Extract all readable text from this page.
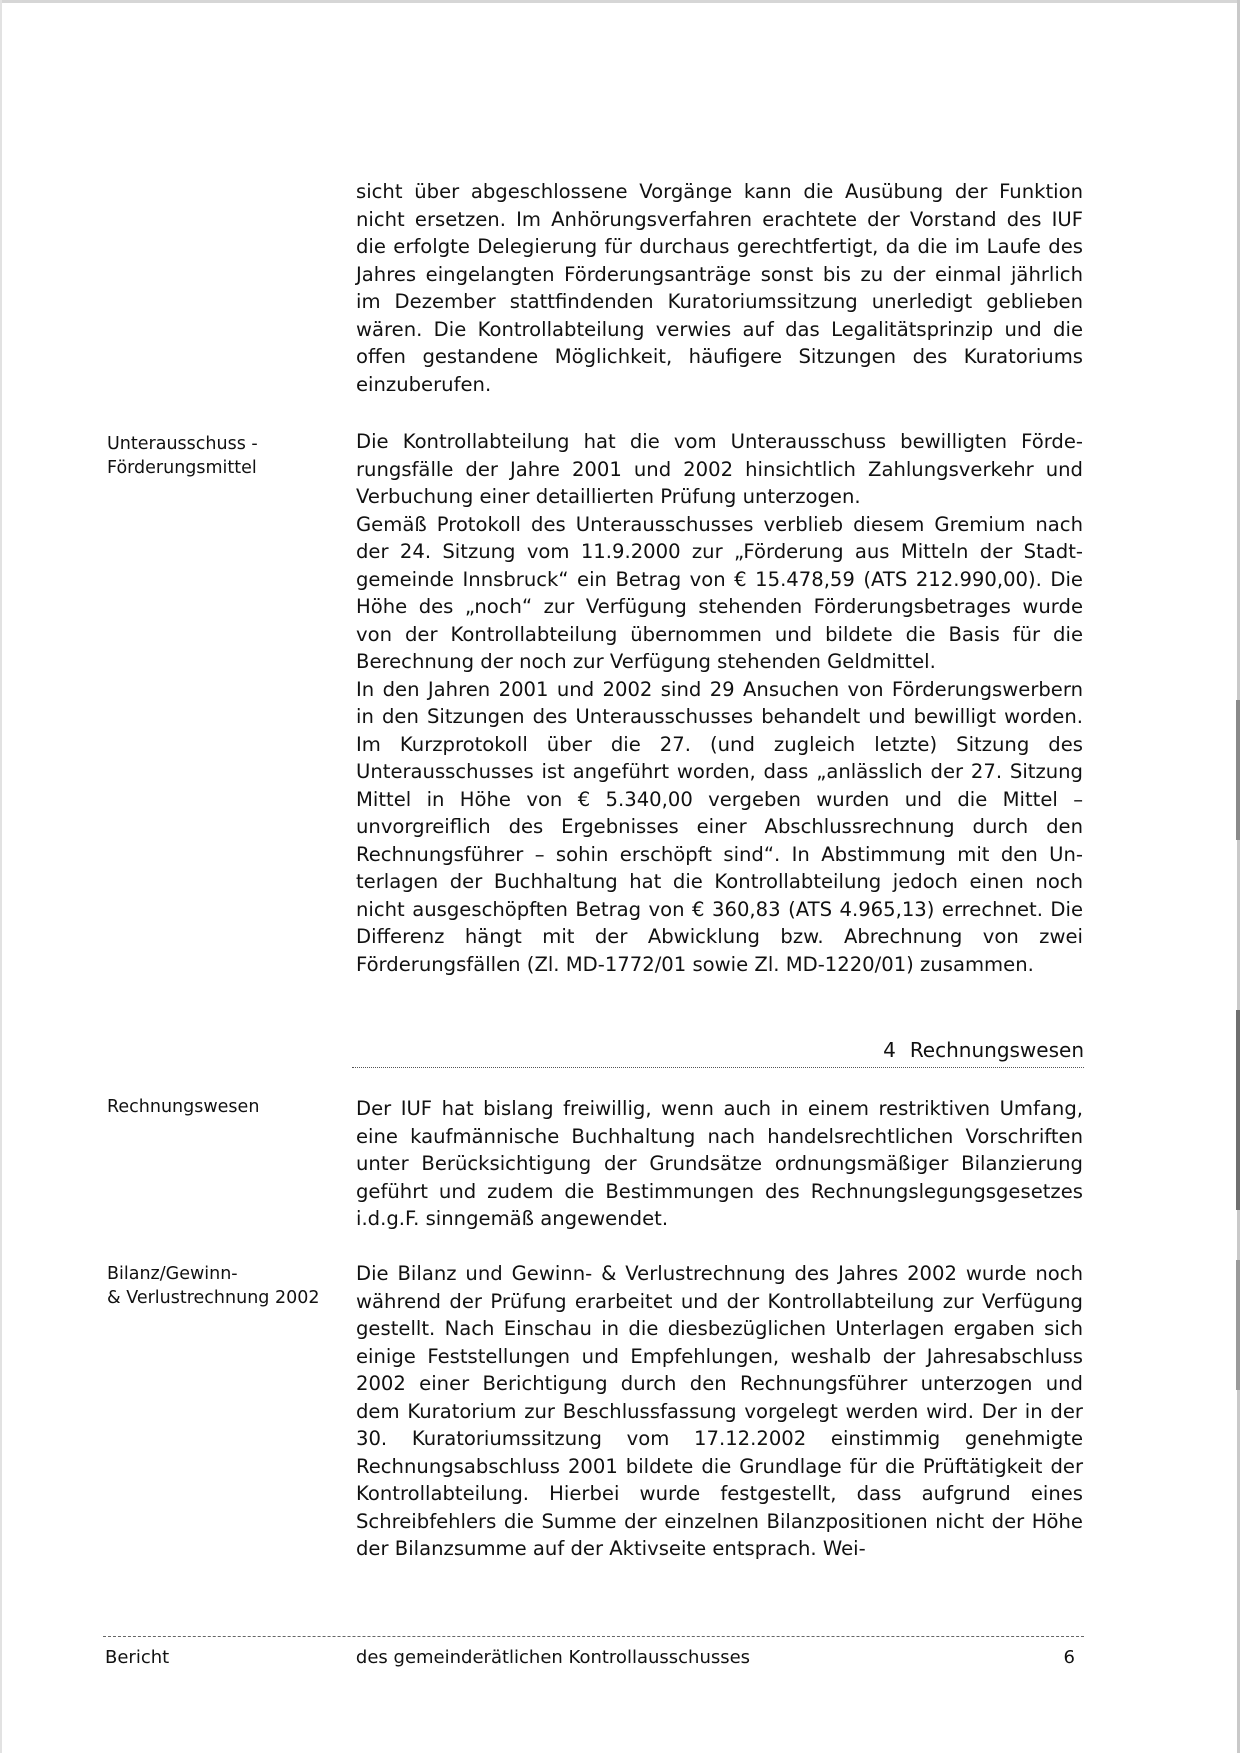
sicht über abgeschlossene Vorgänge kann die Ausübung der Funktion nicht ersetzen. Im Anhörungsverfahren erachtete der Vorstand des IUF die erfolgte Delegierung für durchaus gerechtfertigt, da die im Laufe des Jahres eingelangten Förderungsanträge sonst bis zu der einmal jährlich im Dezember stattfindenden Kuratoriumssitzung unerledigt geblieben wären. Die Kontrollabteilung verwies auf das Legalitätsprinzip und die offen gestandene Möglichkeit, häufigere Sitzungen des Kuratoriums einzuberufen.

Unterausschuss -
Förderungsmittel

Die Kontrollabteilung hat die vom Unterausschuss bewilligten Förderungsfälle der Jahre 2001 und 2002 hinsichtlich Zahlungsverkehr und Verbuchung einer detaillierten Prüfung unterzogen.

Gemäß Protokoll des Unterausschusses verblieb diesem Gremium nach der 24. Sitzung vom 11.9.2000 zur „Förderung aus Mitteln der Stadtgemeinde Innsbruck“ ein Betrag von € 15.478,59 (ATS 212.990,00). Die Höhe des „noch“ zur Verfügung stehenden Förderungsbetrages wurde von der Kontrollabteilung übernommen und bildete die Basis für die Berechnung der noch zur Verfügung stehenden Geldmittel.

In den Jahren 2001 und 2002 sind 29 Ansuchen von Förderungswerbern in den Sitzungen des Unterausschusses behandelt und bewilligt worden. Im Kurzprotokoll über die 27. (und zugleich letzte) Sitzung des Unterausschusses ist angeführt worden, dass „anlässlich der 27. Sitzung Mittel in Höhe von € 5.340,00 vergeben wurden und die Mittel – unvorgreiflich des Ergebnisses einer Abschlussrechnung durch den Rechnungsführer – sohin erschöpft sind“. In Abstimmung mit den Unterlagen der Buchhaltung hat die Kontrollabteilung jedoch einen noch nicht ausgeschöpften Betrag von € 360,83 (ATS 4.965,13) errechnet. Die Differenz hängt mit der Abwicklung bzw. Abrechnung von zwei Förderungsfällen (Zl. MD-1772/01 sowie Zl. MD-1220/01) zusammen.

4 Rechnungswesen
Rechnungswesen	Der IUF hat bislang freiwillig, wenn auch in einem restriktiven Umfang, eine kaufmännische Buchhaltung nach handelsrechtlichen Vorschriften unter Berücksichtigung der Grundsätze ordnungsmäßiger Bilanzierung geführt und zudem die Bestimmungen des Rechnungslegungsgesetzes i.d.g.F. sinngemäß angewendet.

Bilanz/Gewinn-
& Verlustrechnung 2002

Die Bilanz und Gewinn- & Verlustrechnung des Jahres 2002 wurde noch während der Prüfung erarbeitet und der Kontrollabteilung zur Verfügung gestellt. Nach Einschau in die diesbezüglichen Unterlagen ergaben sich einige Feststellungen und Empfehlungen, weshalb der Jahresabschluss 2002 einer Berichtigung durch den Rechnungsführer unterzogen und dem Kuratorium zur Beschlussfassung vorgelegt werden wird. Der in der 30. Kuratoriumssitzung vom 17.12.2002 einstimmig genehmigte Rechnungsabschluss 2001 bildete die Grundlage für die Prüftätigkeit der Kontrollabteilung. Hierbei wurde festgestellt, dass aufgrund eines Schreibfehlers die Summe der einzelnen Bilanzpositionen nicht der Höhe der Bilanzsumme auf der Aktivseite entsprach. Wei-

Bericht	des gemeinderätlichen Kontrollausschusses	6
